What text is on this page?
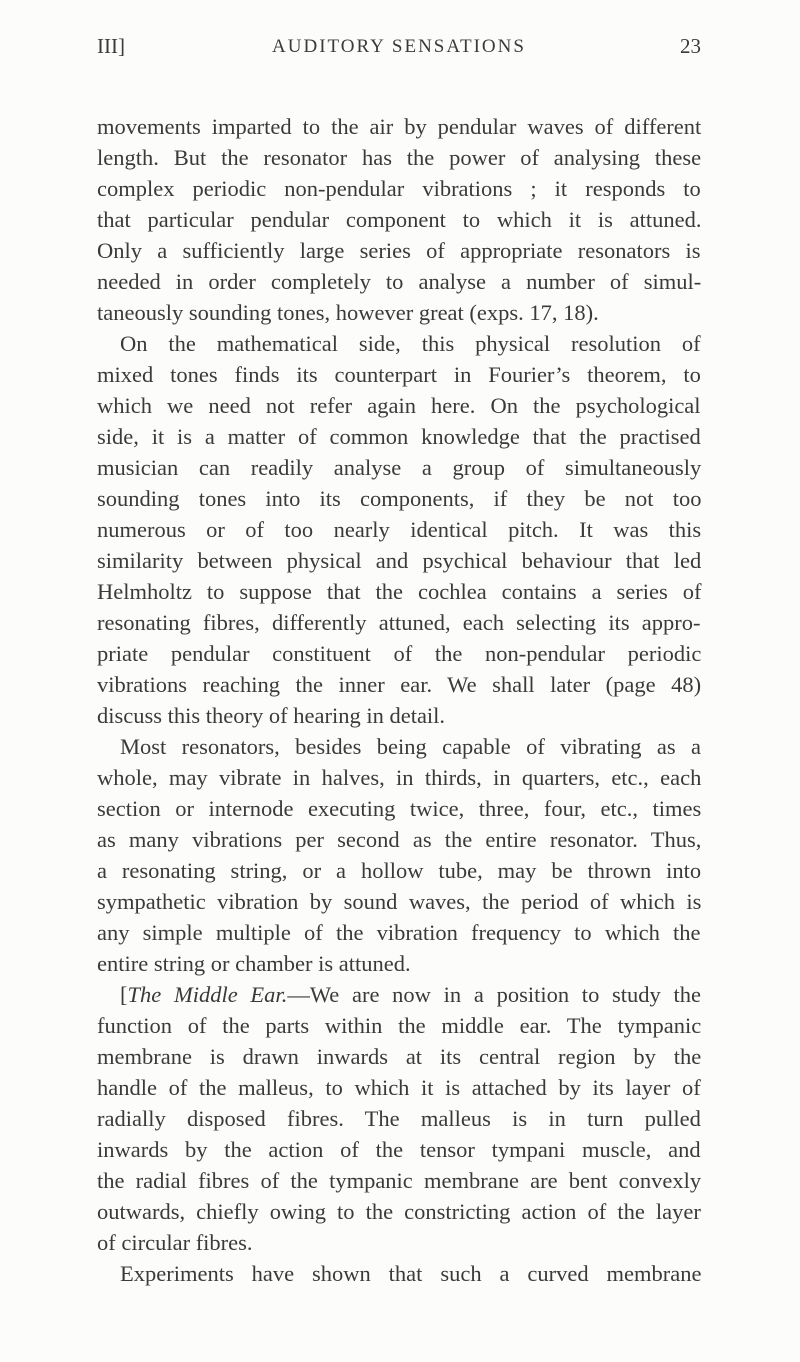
III]	AUDITORY SENSATIONS	23
movements imparted to the air by pendular waves of different
length. But the resonator has the power of analysing these
complex periodic non-pendular vibrations ; it responds to
that particular pendular component to which it is attuned.
Only a sufficiently large series of appropriate resonators is
needed in order completely to analyse a number of simul-
taneously sounding tones, however great (exps. 17, 18).
On the mathematical side, this physical resolution of
mixed tones finds its counterpart in Fourier’s theorem, to
which we need not refer again here. On the psychological
side, it is a matter of common knowledge that the practised
musician can readily analyse a group of simultaneously
sounding tones into its components, if they be not too
numerous or of too nearly identical pitch. It was this
similarity between physical and psychical behaviour that led
Helmholtz to suppose that the cochlea contains a series of
resonating fibres, differently attuned, each selecting its appro-
priate pendular constituent of the non-pendular periodic
vibrations reaching the inner ear. We shall later (page 48)
discuss this theory of hearing in detail.
Most resonators, besides being capable of vibrating as a
whole, may vibrate in halves, in thirds, in quarters, etc., each
section or internode executing twice, three, four, etc., times
as many vibrations per second as the entire resonator. Thus,
a resonating string, or a hollow tube, may be thrown into
sympathetic vibration by sound waves, the period of which is
any simple multiple of the vibration frequency to which the
entire string or chamber is attuned.
[The Middle Ear.—We are now in a position to study the
function of the parts within the middle ear. The tympanic
membrane is drawn inwards at its central region by the
handle of the malleus, to which it is attached by its layer of
radially disposed fibres. The malleus is in turn pulled
inwards by the action of the tensor tympani muscle, and
the radial fibres of the tympanic membrane are bent convexly
outwards, chiefly owing to the constricting action of the layer
of circular fibres.
Experiments have shown that such a curved membrane
